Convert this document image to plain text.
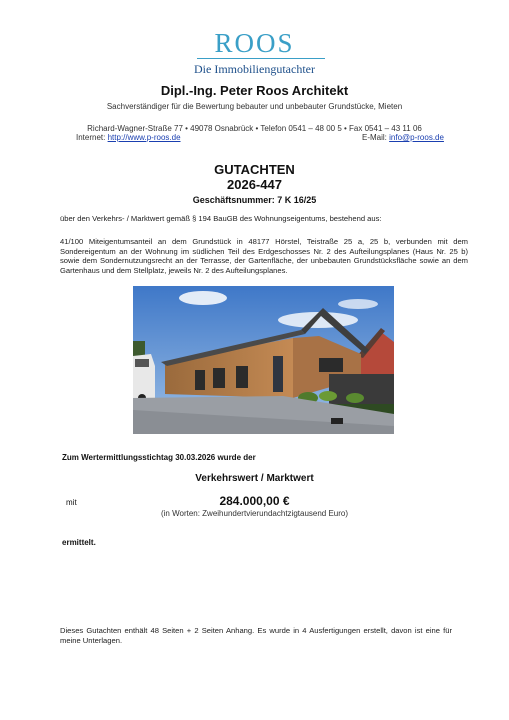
ROOS
Die Immobiliengutachter
Dipl.-Ing. Peter Roos Architekt
Sachverständiger für die Bewertung bebauter und unbebauter Grundstücke, Mieten
Richard-Wagner-Straße 77 • 49078 Osnabrück • Telefon 0541 – 48 00 5 • Fax 0541 – 43 11 06
Internet: http://www.p-roos.de	E-Mail: info@p-roos.de
GUTACHTEN
2026-447
Geschäftsnummer: 7 K 16/25
über den Verkehrs- / Marktwert gemäß § 194 BauGB des Wohnungseigentums, bestehend aus:
41/100 Miteigentumsanteil an dem Grundstück in 48177 Hörstel, Teistraße 25 a, 25 b, verbunden mit dem Sondereigentum an der Wohnung im südlichen Teil des Erdgeschosses Nr. 2 des Aufteilungsplanes (Haus Nr. 25 b) sowie dem Sondernutzungsrecht an der Terrasse, der Gartenfläche, der unbebauten Grundstücksfläche sowie an dem Gartenhaus und dem Stellplatz, jeweils Nr. 2 des Aufteilungsplanes.
Zum Wertermittlungsstichtag 30.03.2026 wurde der
Verkehrswert / Marktwert
mit	284.000,00 €
(in Worten: Zweihundertvierundachtzigtausend Euro)
ermittelt.
Dieses Gutachten enthält 48 Seiten + 2 Seiten Anhang. Es wurde in 4 Ausfertigungen erstellt, davon ist eine für meine Unterlagen.
